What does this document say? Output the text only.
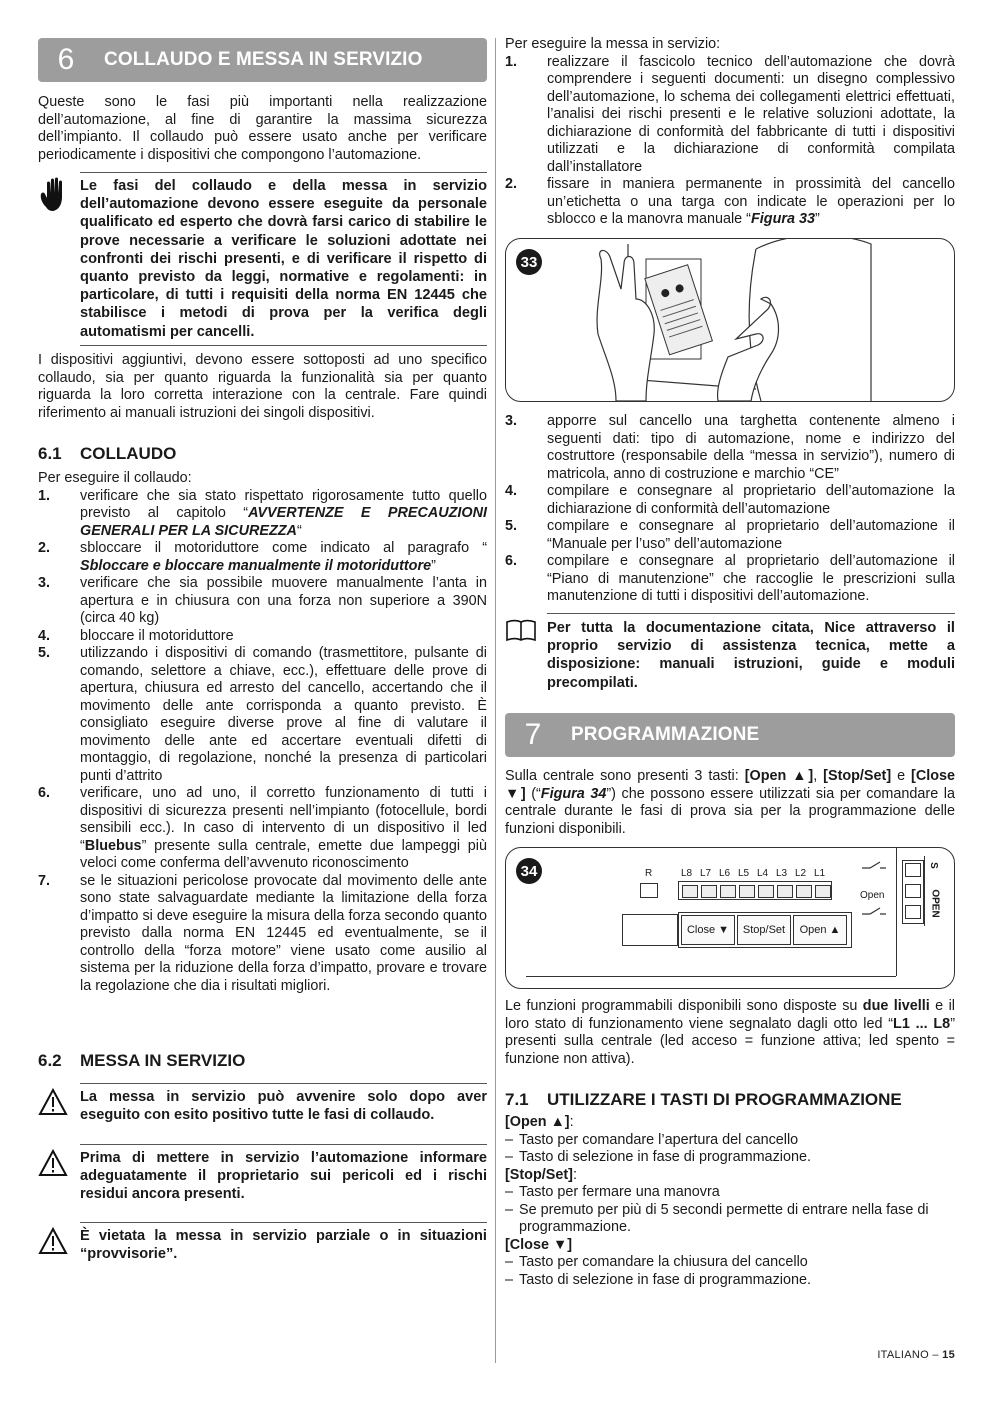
6	COLLAUDO E MESSA IN SERVIZIO
Queste sono le fasi più importanti nella realizzazione dell’automazione, al fine di garantire la massima sicurezza dell’impianto. Il collaudo può essere usato anche per verificare periodicamente i dispositivi che compongono l’automazione.
Le fasi del collaudo e della messa in servizio dell’automazione devono essere eseguite da personale qualificato ed esperto che dovrà farsi carico di stabilire le prove necessarie a verificare le soluzioni adottate nei confronti dei rischi presenti, e di verificare il rispetto di quanto previsto da leggi, normative e regolamenti: in particolare, di tutti i requisiti della norma EN 12445 che stabilisce i metodi di prova per la verifica degli automatismi per cancelli.
I dispositivi aggiuntivi, devono essere sottoposti ad uno specifico collaudo, sia per quanto riguarda la funzionalità sia per quanto riguarda la loro corretta interazione con la centrale. Fare quindi riferimento ai manuali istruzioni dei singoli dispositivi.
6.1 COLLAUDO
Per eseguire il collaudo:
1.	verificare che sia stato rispettato rigorosamente tutto quello previsto al capitolo “AVVERTENZE E PRECAUZIONI GENERALI PER LA SICUREZZA“
2.	sbloccare il motoriduttore come indicato al paragrafo “ Sbloccare e bloccare manualmente il motoriduttore”
3.	verificare che sia possibile muovere manualmente l’anta in apertura e in chiusura con una forza non superiore a 390N (circa 40 kg)
4.	bloccare il motoriduttore
5.	utilizzando i dispositivi di comando (trasmettitore, pulsante di comando, selettore a chiave, ecc.), effettuare delle prove di apertura, chiusura ed arresto del cancello, accertando che il movimento delle ante corrisponda a quanto previsto. È consigliato eseguire diverse prove al fine di valutare il movimento delle ante ed accertare eventuali difetti di montaggio, di regolazione, nonché la presenza di particolari punti d’attrito
6.	verificare, uno ad uno, il corretto funzionamento di tutti i dispositivi di sicurezza presenti nell’impianto (fotocellule, bordi sensibili ecc.). In caso di intervento di un dispositivo il led “Bluebus” presente sulla centrale, emette due lampeggi più veloci come conferma dell’avvenuto riconoscimento
7.	se le situazioni pericolose provocate dal movimento delle ante sono state salvaguardate mediante la limitazione della forza d’impatto si deve eseguire la misura della forza secondo quanto previsto dalla norma EN 12445 ed eventualmente, se il controllo della “forza motore” viene usato come ausilio al sistema per la riduzione della forza d’impatto, provare e trovare la regolazione che dia i risultati migliori.
6.2 MESSA IN SERVIZIO
La messa in servizio può avvenire solo dopo aver eseguito con esito positivo tutte le fasi di collaudo.
Prima di mettere in servizio l’automazione informare adeguatamente il proprietario sui pericoli ed i rischi residui ancora presenti.
È vietata la messa in servizio parziale o in situazioni “provvisorie”.
Per eseguire la messa in servizio:
1.	realizzare il fascicolo tecnico dell’automazione che dovrà comprendere i seguenti documenti: un disegno complessivo dell’automazione, lo schema dei collegamenti elettrici effettuati, l’analisi dei rischi presenti e le relative soluzioni adottate, la dichiarazione di conformità del fabbricante di tutti i dispositivi utilizzati e la dichiarazione di conformità compilata dall’installatore
2.	fissare in maniera permanente in prossimità del cancello un’etichetta o una targa con indicate le operazioni per lo sblocco e la manovra manuale “Figura 33”
33
3.	apporre sul cancello una targhetta contenente almeno i seguenti dati: tipo di automazione, nome e indirizzo del costruttore (responsabile della “messa in servizio”), numero di matricola, anno di costruzione e marchio “CE”
4.	compilare e consegnare al proprietario dell’automazione la dichiarazione di conformità dell’automazione
5.	compilare e consegnare al proprietario dell’automazione il “Manuale per l’uso” dell’automazione
6.	compilare e consegnare al proprietario dell’automazione il “Piano di manutenzione” che raccoglie le prescrizioni sulla manutenzione di tutti i dispositivi dell’automazione.
Per tutta la documentazione citata, Nice attraverso il proprio servizio di assistenza tecnica, mette a disposizione: manuali istruzioni, guide e moduli precompilati.
7	PROGRAMMAZIONE
Sulla centrale sono presenti 3 tasti: [Open ▲], [Stop/Set] e [Close ▼] (“Figura 34”) che possono essere utilizzati sia per comandare la centrale durante le fasi di prova sia per la programmazione delle funzioni disponibili.
34	R	L8 L7 L6 L5 L4 L3 L2 L1
Close ▼	Stop/Set	Open ▲
Open
S
OPEN
Le funzioni programmabili disponibili sono disposte su due livelli e il loro stato di funzionamento viene segnalato dagli otto led “L1 ... L8” presenti sulla centrale (led acceso = funzione attiva; led spento = funzione non attiva).
7.1 UTILIZZARE I TASTI DI PROGRAMMAZIONE
[Open ▲]:
– Tasto per comandare l’apertura del cancello
– Tasto di selezione in fase di programmazione.
[Stop/Set]:
– Tasto per fermare una manovra
– Se premuto per più di 5 secondi permette di entrare nella fase di programmazione.
[Close ▼]
– Tasto per comandare la chiusura del cancello
– Tasto di selezione in fase di programmazione.
ITALIANO – 15
